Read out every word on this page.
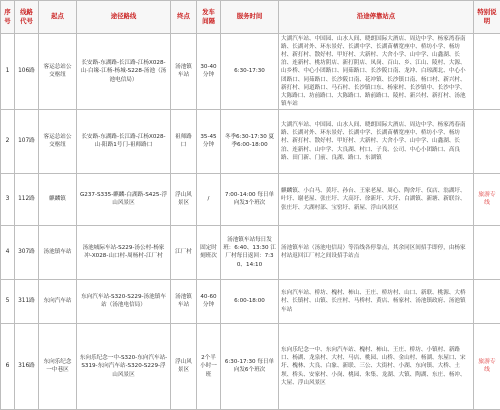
序号	线路代号	起点	途径路线	终点	发车间隔	服务时间	沿途停靠站点	特别说明
1	106路	客运总站公交枢纽	长安路-东湖路-长江路-江杨X028-山·白缘-江杨-杨城-S228-汤池（汤池电信局）	汤池镇车站	30-40分钟	6:30-17:30	大湖汽车站、中国园、山水人间、晓朗国际大酒店、周边中学、杨家湾春南路、长湖对外、环东景好、长湖中学、长湖苗栖宽座中、桥坊小学、杨坊村、新打村、散好村、甲好村、大新村、大舍小学、山中学、山鑫湖、长泊、连新村、桃坊阴店、新打阴店、凤岗、百山、乡、江山、陵村、大源、山乡桥、中心小团路口、同茹路口、长沙阪口南、龙冲、白琼湖北、中心小团路口、同茹路口、长沙阪口南、花冲镇、长沙镇口南、杨口村、新兴村、新打村、同道路口、马石村、长沙镇口东、杨家村、长沙镇中、长沙中学、大陈路口、坊前路口、大陈路口、路前路口、陵村、新兴村、新打村、汤池镇车站	
2	107路	客运总站公交枢纽	长安路-东湖路-长江路-江杨X028-山·阳路1号门-祖师路口	祖师路口	35-45分钟	冬季6:30-17:30 夏季6:00-18:00	大湖汽车站、中国园、山水人间、晓朗国际大酒店、周边中学、杨家湾春南路、长湖对外、环东景好、长湖中学、长湖苗栖宽座中、桥坊小学、杨坊村、新打村、散好村、甲好村、大新村、大舍小学、山中学、山鑫湖、长泊、连新村、山中学、大良湖、村口、子良、公司、中心小团路口、高良路、田门新、门前、良湖、路口、东湖镇	
3	112路	麒麟镇	G237-S335-麒麟-白湖路-S425-浮山风景区	浮山风景区	/	7:00-14:00 每日单向发3个班次	麒麟镇、小白马、黄圩、孙台、王家老屋、周心、陶舍圩、仪店、翁湖圩、叶圩、谢老屋、张庄圩、大高圩、徐新圩、大圩、白湖镇、新塘、新联谷、张庄圩、大湖村部、宝窑圩、新屋、浮山风景区	旅游专线
4	307路	汤池镇车站	汤池城际车站-S229-汤公村-杨家冲-X028-山口村-周杨村-江厂村	江厂村	固定时刻班次	汤池镇车站每日发班：6:40、13:30 江厂村每日返回：7:30、14:10	汤池镇车站（汤池电信局）等沿线各停靠点，其余同区间招手即停，由杨家村站返回江厂村之间设招手站点	
5	311路	东向汽车站	东向汽车站-S320-S229-汤池镇车站（汤池电信局）	汤池镇车站	40-60分钟	6:00-18:00	东向汽车站、桥坊、槐村、柿山、王庄、桥坊村、山口、新联、桃源、大桥村、长镇村、山镇、长庄村、马桥村、黄店、杨家村、汤池镇政府、汤池镇车站	
6	316路	东向乐纪念一中巷区	东向乐纪念一中-S320-东向汽车站-S319-东向汽车站-S320-S229-浮山风景区	浮山风景区	2个半小时一班	6:30-17:30 每日单向发6个班次	东向乐纪念一中、东向汽车站、槐村、柿山、王庄、桥坊、小镇村、新路口、杨湖、龙泉村、大村、马店、桃园、山桥、金山村、杨湖、东屋口、宋圩、槐林、大良、白象、新联、三公、大街村、小湖、东向镇、大桥、土坝、桥头、安家村、小岗、桃园、朱集、龙湖、大镇、陶湖、东庄、杨冲、大屋、浮山风景区	旅游专线
